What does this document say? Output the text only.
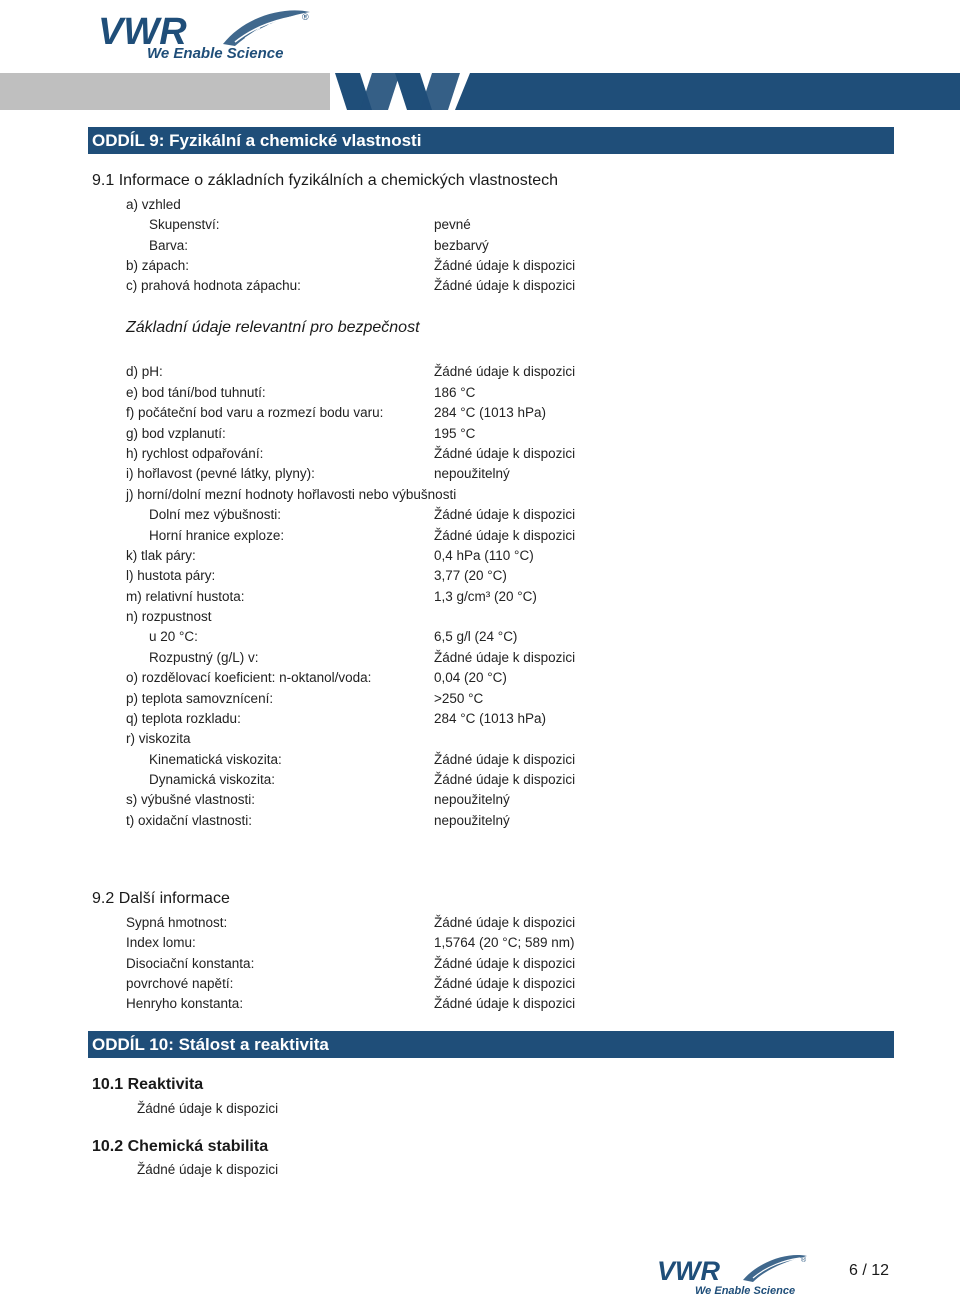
VWR	®
We Enable Science
ODDÍL 9: Fyzikální a chemické vlastnosti
9.1 Informace o základních fyzikálních a chemických vlastnostech
a) vzhled
Skupenství:	pevné
Barva:	bezbarvý
b) zápach:	Žádné údaje k dispozici
c) prahová hodnota zápachu:	Žádné údaje k dispozici
Základní údaje relevantní pro bezpečnost
d) pH:	Žádné údaje k dispozici
e) bod tání/bod tuhnutí:	186 °C
f) počáteční bod varu a rozmezí bodu varu:	284 °C (1013 hPa)
g) bod vzplanutí:	195 °C
h) rychlost odpařování:	Žádné údaje k dispozici
i) hořlavost (pevné látky, plyny):	nepoužitelný
j) horní/dolní mezní hodnoty hořlavosti nebo výbušnosti
Dolní mez výbušnosti:	Žádné údaje k dispozici
Horní hranice exploze:	Žádné údaje k dispozici
k) tlak páry:	0,4 hPa (110 °C)
l) hustota páry:	3,77 (20 °C)
m) relativní hustota:	1,3 g/cm³ (20 °C)
n) rozpustnost
u 20 °C:	6,5 g/l (24 °C)
Rozpustný (g/L) v:	Žádné údaje k dispozici
o) rozdělovací koeficient: n-oktanol/voda:	0,04 (20 °C)
p) teplota samovznícení:	>250 °C
q) teplota rozkladu:	284 °C (1013 hPa)
r) viskozita
Kinematická viskozita:	Žádné údaje k dispozici
Dynamická viskozita:	Žádné údaje k dispozici
s) výbušné vlastnosti:	nepoužitelný
t) oxidační vlastnosti:	nepoužitelný
9.2 Další informace
Sypná hmotnost:	Žádné údaje k dispozici
Index lomu:	1,5764 (20 °C; 589 nm)
Disociační konstanta:	Žádné údaje k dispozici
povrchové napětí:	Žádné údaje k dispozici
Henryho konstanta:	Žádné údaje k dispozici
ODDÍL 10: Stálost a reaktivita
10.1 Reaktivita
Žádné údaje k dispozici
10.2 Chemická stabilita
Žádné údaje k dispozici
VWR	®
We Enable Science
6 / 12
